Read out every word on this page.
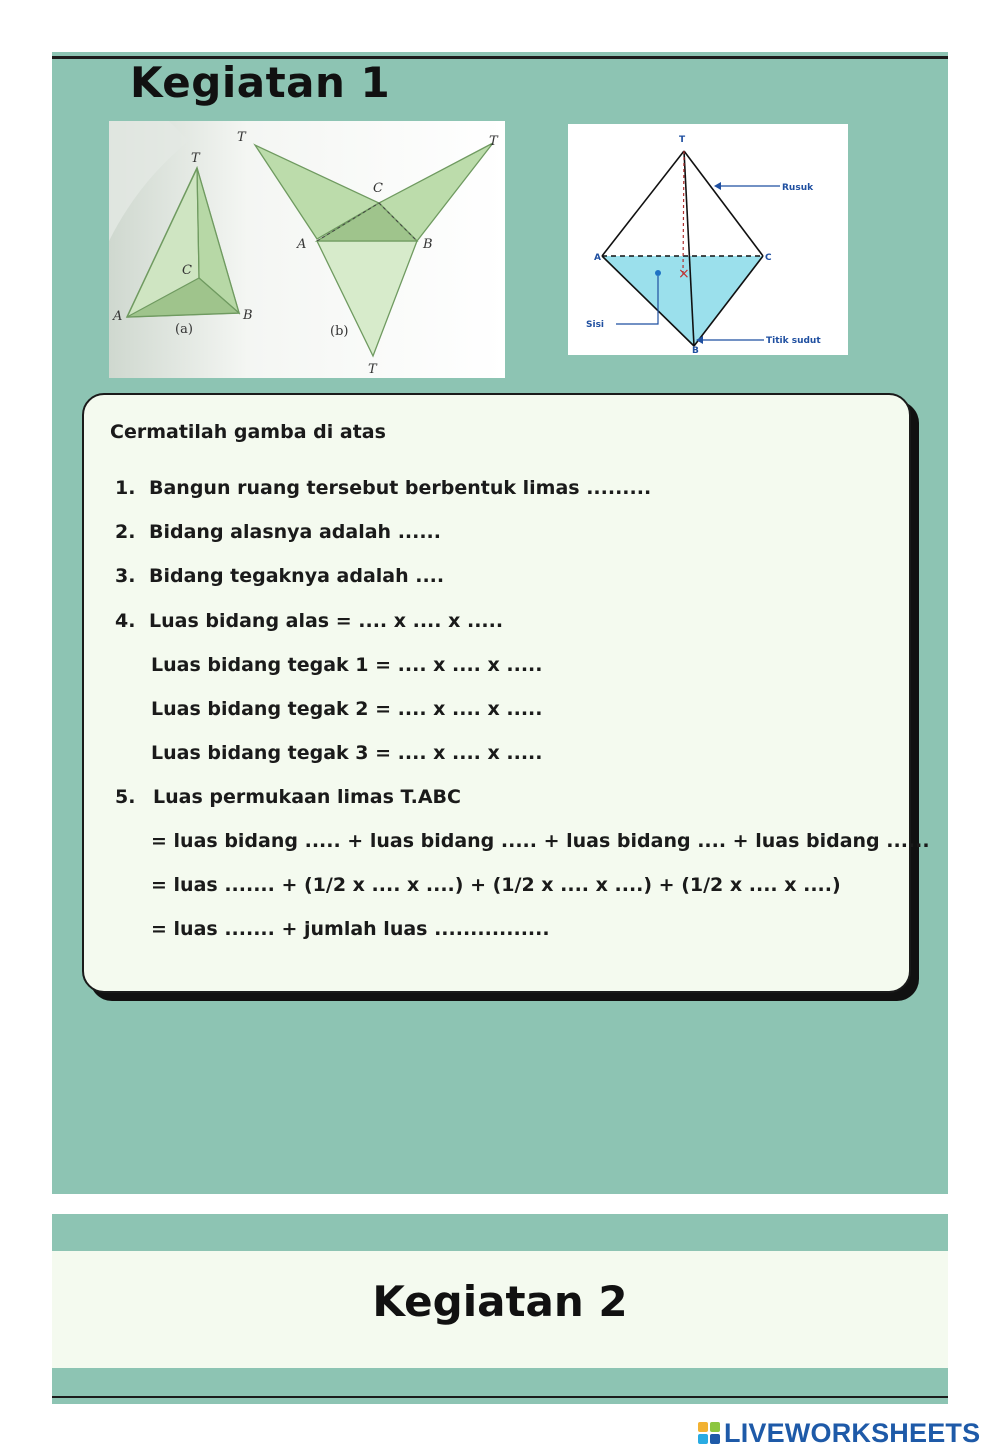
Kegiatan 1
T
C
A	B
T	T
C
A	B
T
(a)	(b)
×
T
A	C
B
Rusuk
Sisi
Titik sudut
Cermatilah gamba di atas
1. Bangun ruang tersebut berbentuk limas .........
2. Bidang alasnya adalah ......
3. Bidang tegaknya adalah ....
4. Luas bidang alas = .... x .... x .....
Luas bidang tegak 1 = .... x .... x .....
Luas bidang tegak 2 = .... x .... x .....
Luas bidang tegak 3 = .... x .... x .....
5. Luas permukaan limas T.ABC
= luas bidang ..... + luas bidang ..... + luas bidang .... + luas bidang ......
= luas ....... + (1/2 x .... x ....) + (1/2 x .... x ....) + (1/2 x .... x ....)
= luas ....... + jumlah luas ................
Kegiatan 2
LIVEWORKSHEETS
